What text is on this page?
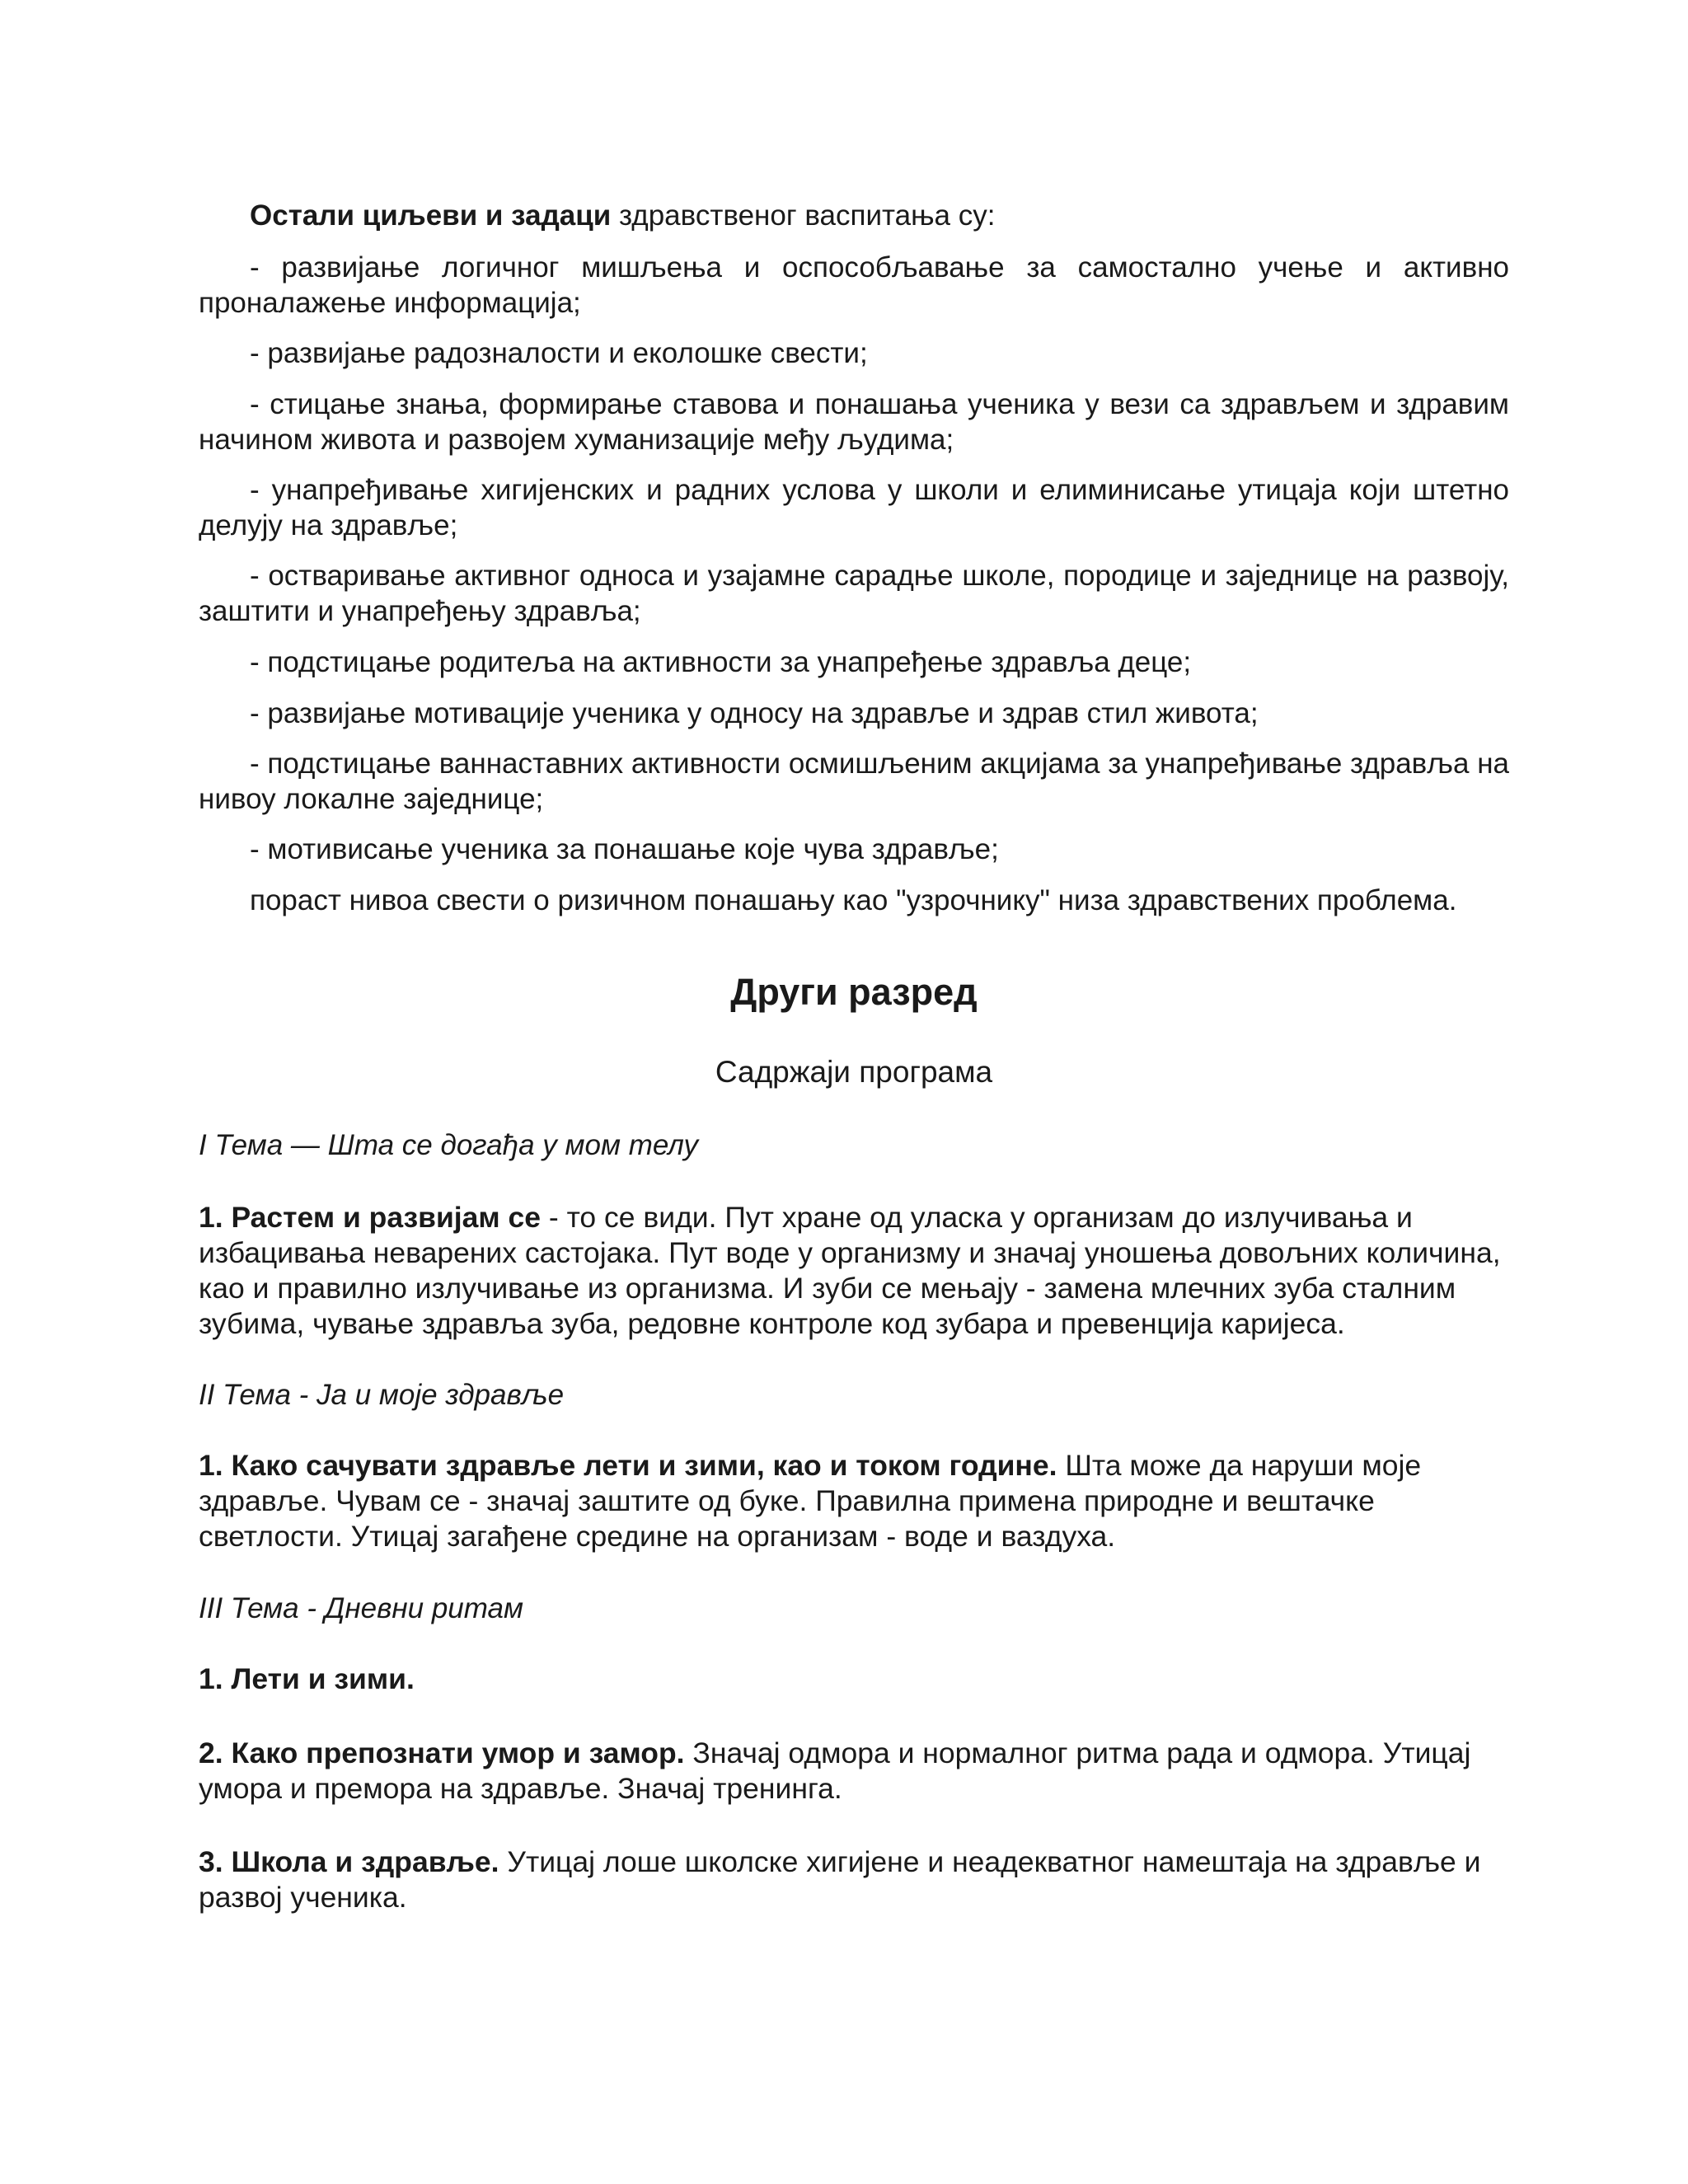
Остали циљеви и задаци здравственог васпитања су:

- развијање логичног мишљења и оспособљавање за самостално учење и активно проналажење информација;

- развијање радозналости и еколошке свести;

- стицање знања, формирање ставова и понашања ученика у вези са здрављем и здравим начином живота и развојем хуманизације међу људима;

- унапређивање хигијенских и радних услова у школи и елиминисање утицаја који штетно делују на здравље;

- остваривање активног односа и узајамне сарадње школе, породице и заједнице на развоју, заштити и унапређењу здравља;

- подстицање родитеља на активности за унапређење здравља деце;

- развијање мотивације ученика у односу на здравље и здрав стил живота;

- подстицање ваннаставних активности осмишљеним акцијама за унапређивање здравља на нивоу локалне заједнице;

- мотивисање ученика за понашање које чува здравље;

пораст нивоа свести о ризичном понашању као "узрочнику" низа здравствених проблема.

Други разред
Садржаји програма

I Тема — Шта се догађа у мом телу

1. Растем и развијам се - то се види. Пут хране од уласка у организам до излучивања и избацивања неварених састојака. Пут воде у организму и значај уношења довољних количина, као и правилно излучивање из организма. И зуби се мењају - замена млечних зуба сталним зубима, чување здравља зуба, редовне контроле код зубара и превенција каријеса.

II Тема - Ја и моје здравље

1. Како сачувати здравље лети и зими, као и током године. Шта може да наруши моје здравље. Чувам се - значај заштите од буке. Правилна примена природне и вештачке светлости. Утицај загађене средине на организам - воде и ваздуха.

III Тема - Дневни ритам

1. Лети и зими.

2. Како препознати умор и замор. Значај одмора и нормалног ритма рада и одмора. Утицај умора и премора на здравље. Значај тренинга.

3. Школа и здравље. Утицај лоше школске хигијене и неадекватног намештаја на здравље и развој ученика.
